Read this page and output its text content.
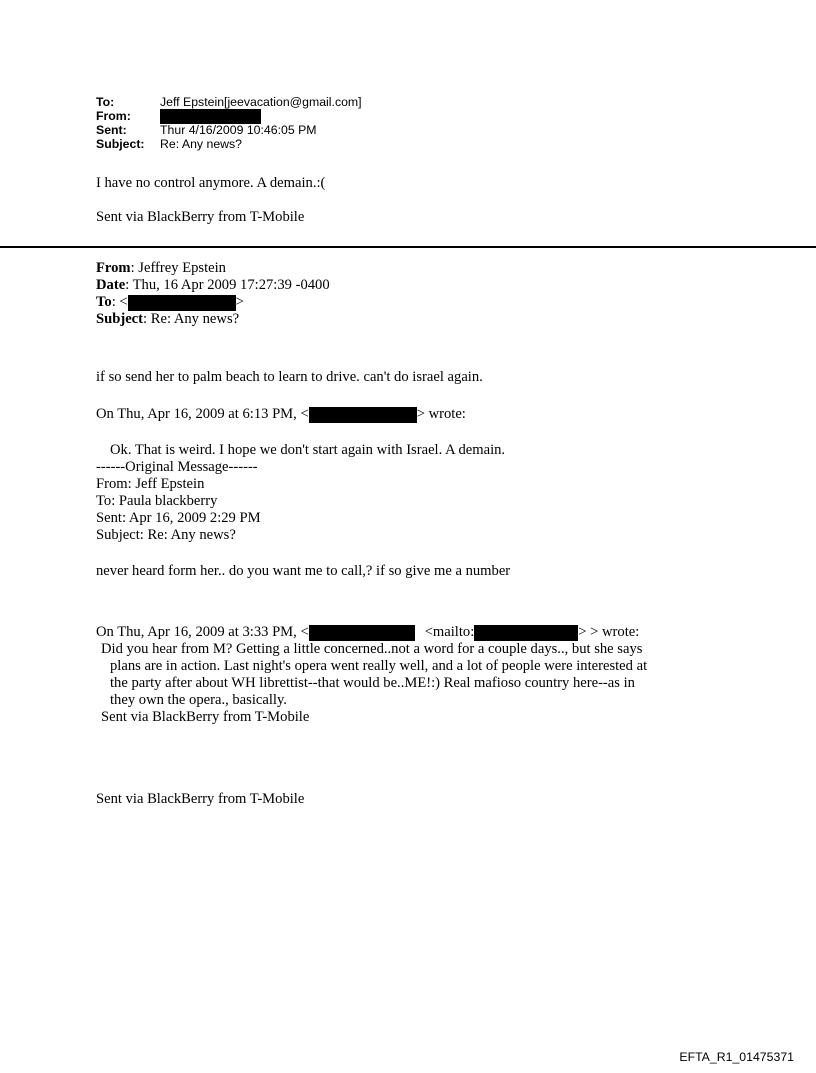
To:	Jeff Epstein[jeevacation@gmail.com]
From:
Sent:	Thur 4/16/2009 10:46:05 PM
Subject: Re: Any news?
I have no control anymore. A demain.:(
Sent via BlackBerry from T-Mobile
From: Jeffrey Epstein
Date: Thu, 16 Apr 2009 17:27:39 -0400
To: <	>
Subject: Re: Any news?
if so send her to palm beach to learn to drive. can't do israel again.
On Thu, Apr 16, 2009 at 6:13 PM, <	> wrote:
Ok. That is weird. I hope we don't start again with Israel. A demain.
------Original Message------
From: Jeff Epstein
To: Paula blackberry
Sent: Apr 16, 2009 2:29 PM
Subject: Re: Any news?
never heard form her.. do you want me to call,? if so give me a number
On Thu, Apr 16, 2009 at 3:33 PM, <	<mailto:	> > wrote:
Did you hear from M? Getting a little concerned..not a word for a couple days.., but she says
plans are in action. Last night's opera went really well, and a lot of people were interested at
the party after about WH librettist--that would be..ME!:) Real mafioso country here--as in
they own the opera., basically.
Sent via BlackBerry from T-Mobile
Sent via BlackBerry from T-Mobile
EFTA_R1_01475371
